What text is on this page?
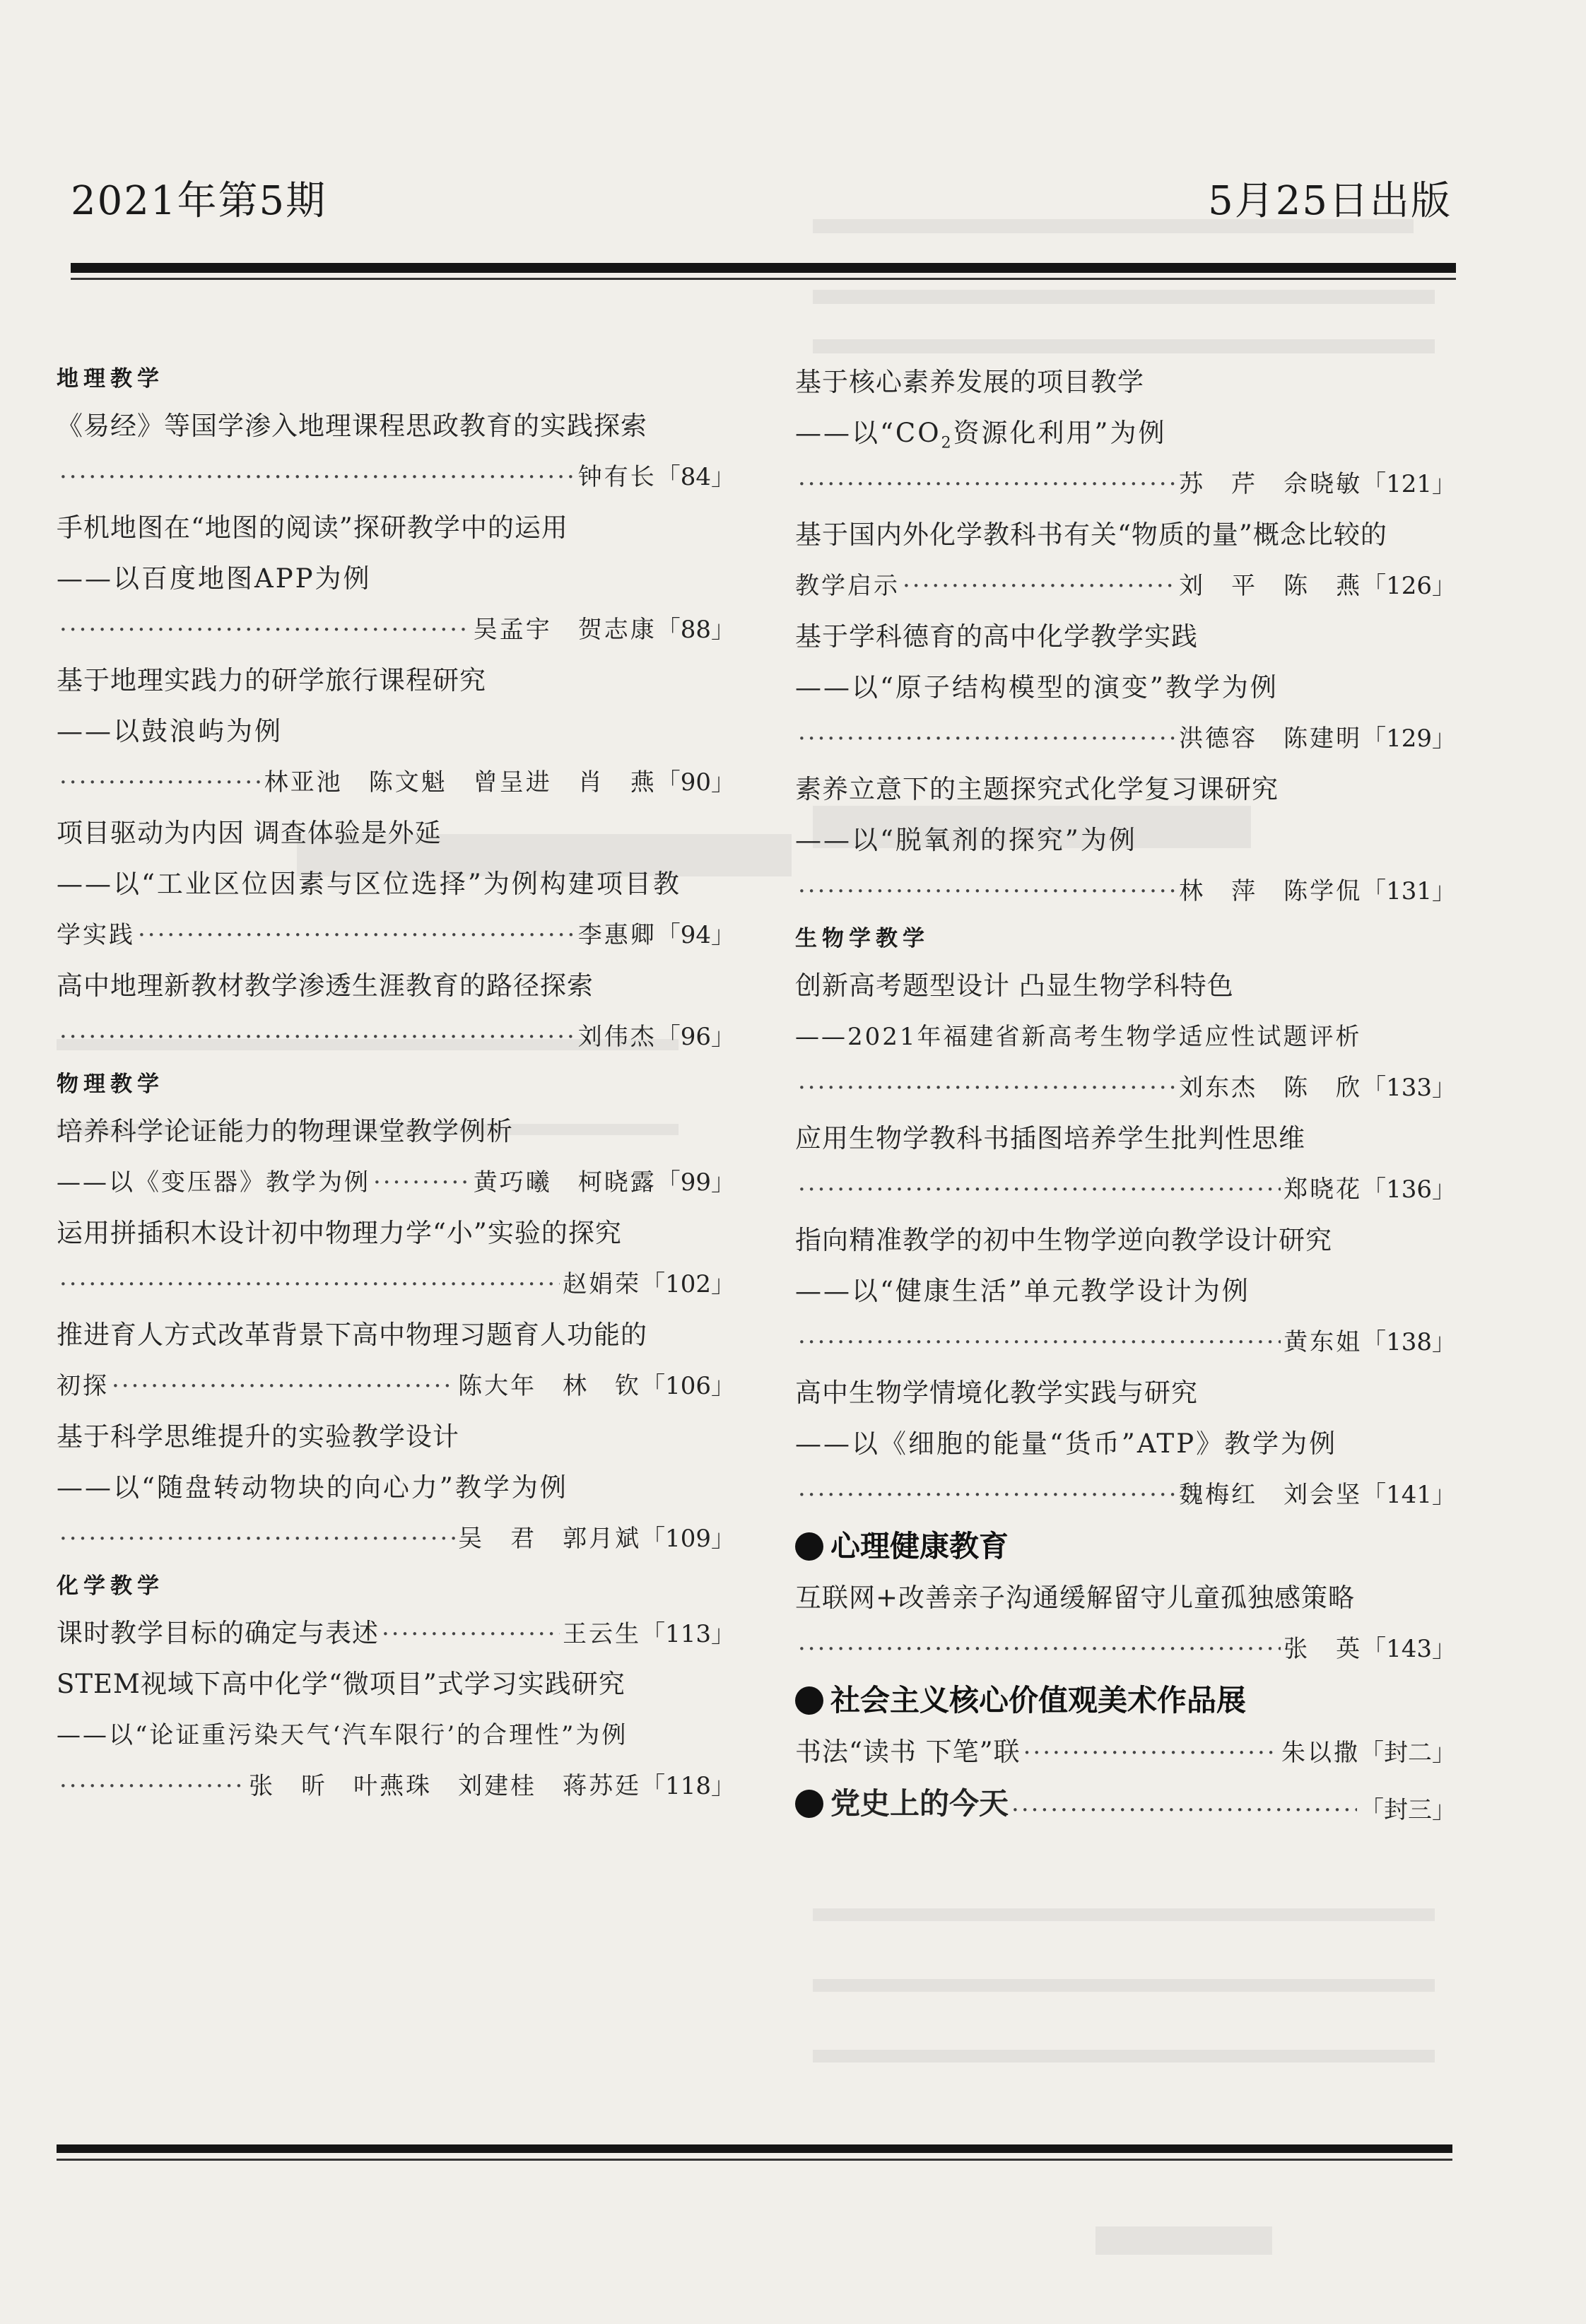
2021年第5期	5月25日出版
地理教学
《易经》等国学渗入地理课程思政教育的实践探索
·····
钟有长 「84」
手机地图在“地图的阅读”探研教学中的运用
——以百度地图APP为例
·····
吴孟宇　贺志康 「88」
基于地理实践力的研学旅行课程研究
——以鼓浪屿为例
·····
林亚池　陈文魁　曾呈进　肖　燕 「90」
项目驱动为内因 调查体验是外延
——以“工业区位因素与区位选择”为例构建项目教
学实践 ·····	李惠卿 「94」
高中地理新教材教学渗透生涯教育的路径探索
·····
刘伟杰 「96」
物理教学
培养科学论证能力的物理课堂教学例析
——以《变压器》教学为例 ·····	黄巧曦　柯晓露 「99」
运用拼插积木设计初中物理力学“小”实验的探究
·····
赵娟荣 「102」
推进育人方式改革背景下高中物理习题育人功能的
初探 ·····	陈大年　林　钦 「106」
基于科学思维提升的实验教学设计
——以“随盘转动物块的向心力”教学为例
·····
吴　君　郭月斌 「109」
化学教学
课时教学目标的确定与表述 ·····	王云生 「113」
STEM视域下高中化学“微项目”式学习实践研究
——以“论证重污染天气‘汽车限行’的合理性”为例
·····
张　昕　叶燕珠　刘建桂　蒋苏廷 「118」
基于核心素养发展的项目教学
——以“$CO_2$资源化利用”为例
·····
苏　芹　佘晓敏 「121」
基于国内外化学教科书有关“物质的量”概念比较的
教学启示 ·····	刘　平　陈　燕 「126」
基于学科德育的高中化学教学实践
——以“原子结构模型的演变”教学为例
·····
洪德容　陈建明 「129」
素养立意下的主题探究式化学复习课研究
——以“脱氧剂的探究”为例
·····
林　萍　陈学侃 「131」
生物学教学
创新高考题型设计 凸显生物学科特色
——2021年福建省新高考生物学适应性试题评析
·····
刘东杰　陈　欣 「133」
应用生物学教科书插图培养学生批判性思维
·····
郑晓花 「136」
指向精准教学的初中生物学逆向教学设计研究
——以“健康生活”单元教学设计为例
·····
黄东姐 「138」
高中生物学情境化教学实践与研究
——以《细胞的能量“货币”ATP》教学为例
·····
魏梅红　刘会坚 「141」
心理健康教育
互联网+改善亲子沟通缓解留守儿童孤独感策略
·····
张　英 「143」
社会主义核心价值观美术作品展
书法“读书 下笔”联 ·····	朱以撒 「封二」
党史上的今天 ·····	「封三」
